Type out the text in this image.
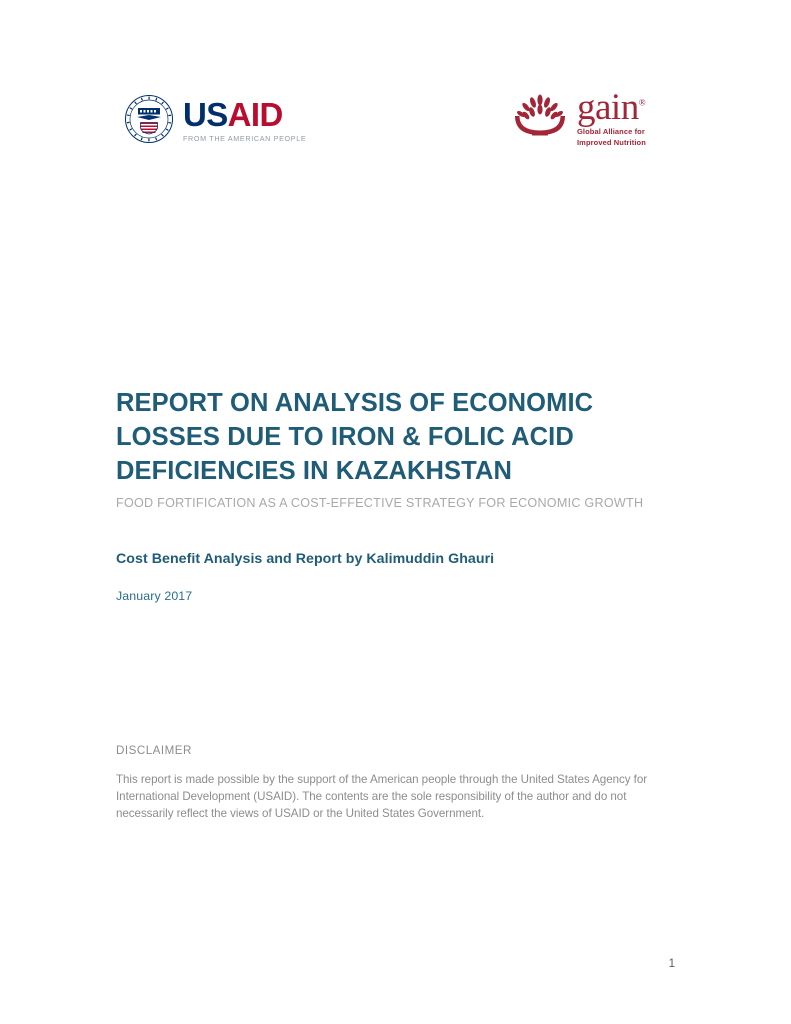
USAID
FROM THE AMERICAN PEOPLE
gain®
Global Alliance for
Improved Nutrition
REPORT ON ANALYSIS OF ECONOMIC
LOSSES DUE TO IRON & FOLIC ACID
DEFICIENCIES IN KAZAKHSTAN

FOOD FORTIFICATION AS A COST-EFFECTIVE STRATEGY FOR ECONOMIC GROWTH

Cost Benefit Analysis and Report by Kalimuddin Ghauri

January 2017

DISCLAIMER

This report is made possible by the support of the American people through the United States Agency for International Development (USAID). The contents are the sole responsibility of the author and do not necessarily reflect the views of USAID or the United States Government.

1
